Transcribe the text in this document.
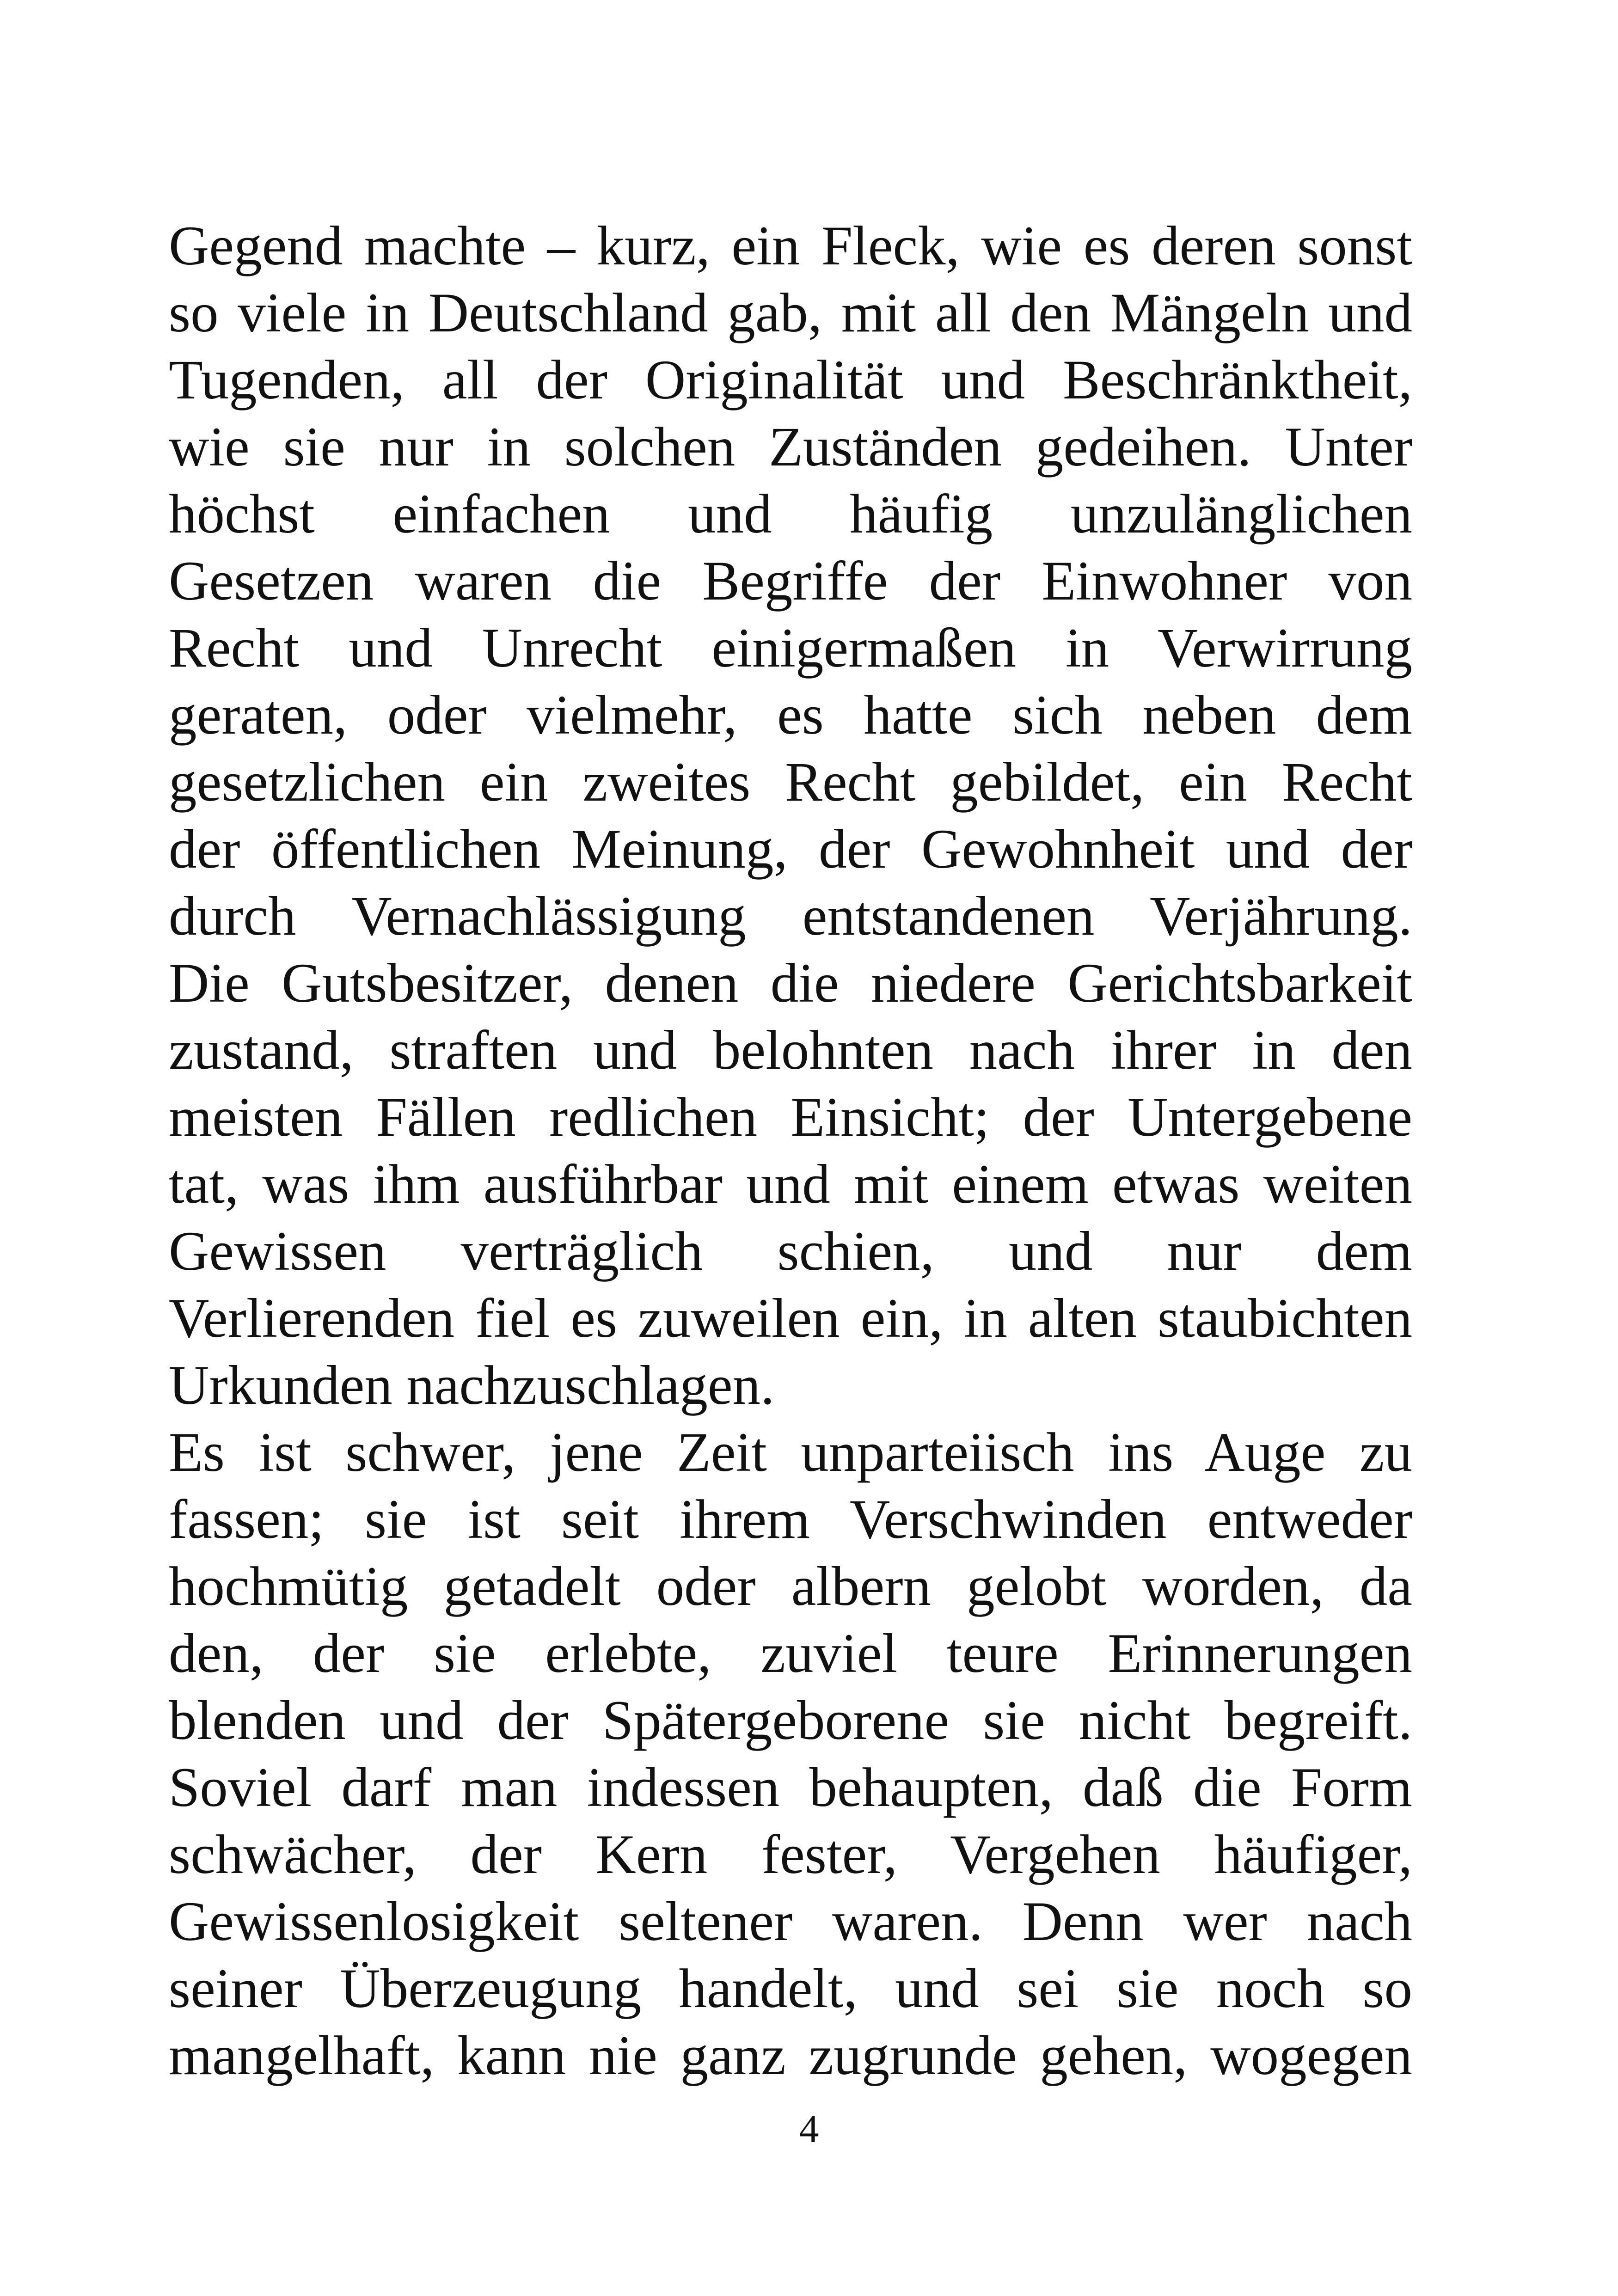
Gegend machte – kurz, ein Fleck, wie es deren sonst
so viele in Deutschland gab, mit all den Mängeln und
Tugenden, all der Originalität und Beschränktheit,
wie sie nur in solchen Zuständen gedeihen. Unter
höchst einfachen und häufig unzulänglichen
Gesetzen waren die Begriffe der Einwohner von
Recht und Unrecht einigermaßen in Verwirrung
geraten, oder vielmehr, es hatte sich neben dem
gesetzlichen ein zweites Recht gebildet, ein Recht
der öffentlichen Meinung, der Gewohnheit und der
durch Vernachlässigung entstandenen Verjährung.
Die Gutsbesitzer, denen die niedere Gerichtsbarkeit
zustand, straften und belohnten nach ihrer in den
meisten Fällen redlichen Einsicht; der Untergebene
tat, was ihm ausführbar und mit einem etwas weiten
Gewissen verträglich schien, und nur dem
Verlierenden fiel es zuweilen ein, in alten staubichten
Urkunden nachzuschlagen.
Es ist schwer, jene Zeit unparteiisch ins Auge zu
fassen; sie ist seit ihrem Verschwinden entweder
hochmütig getadelt oder albern gelobt worden, da
den, der sie erlebte, zuviel teure Erinnerungen
blenden und der Spätergeborene sie nicht begreift.
Soviel darf man indessen behaupten, daß die Form
schwächer, der Kern fester, Vergehen häufiger,
Gewissenlosigkeit seltener waren. Denn wer nach
seiner Überzeugung handelt, und sei sie noch so
mangelhaft, kann nie ganz zugrunde gehen, wogegen
4
